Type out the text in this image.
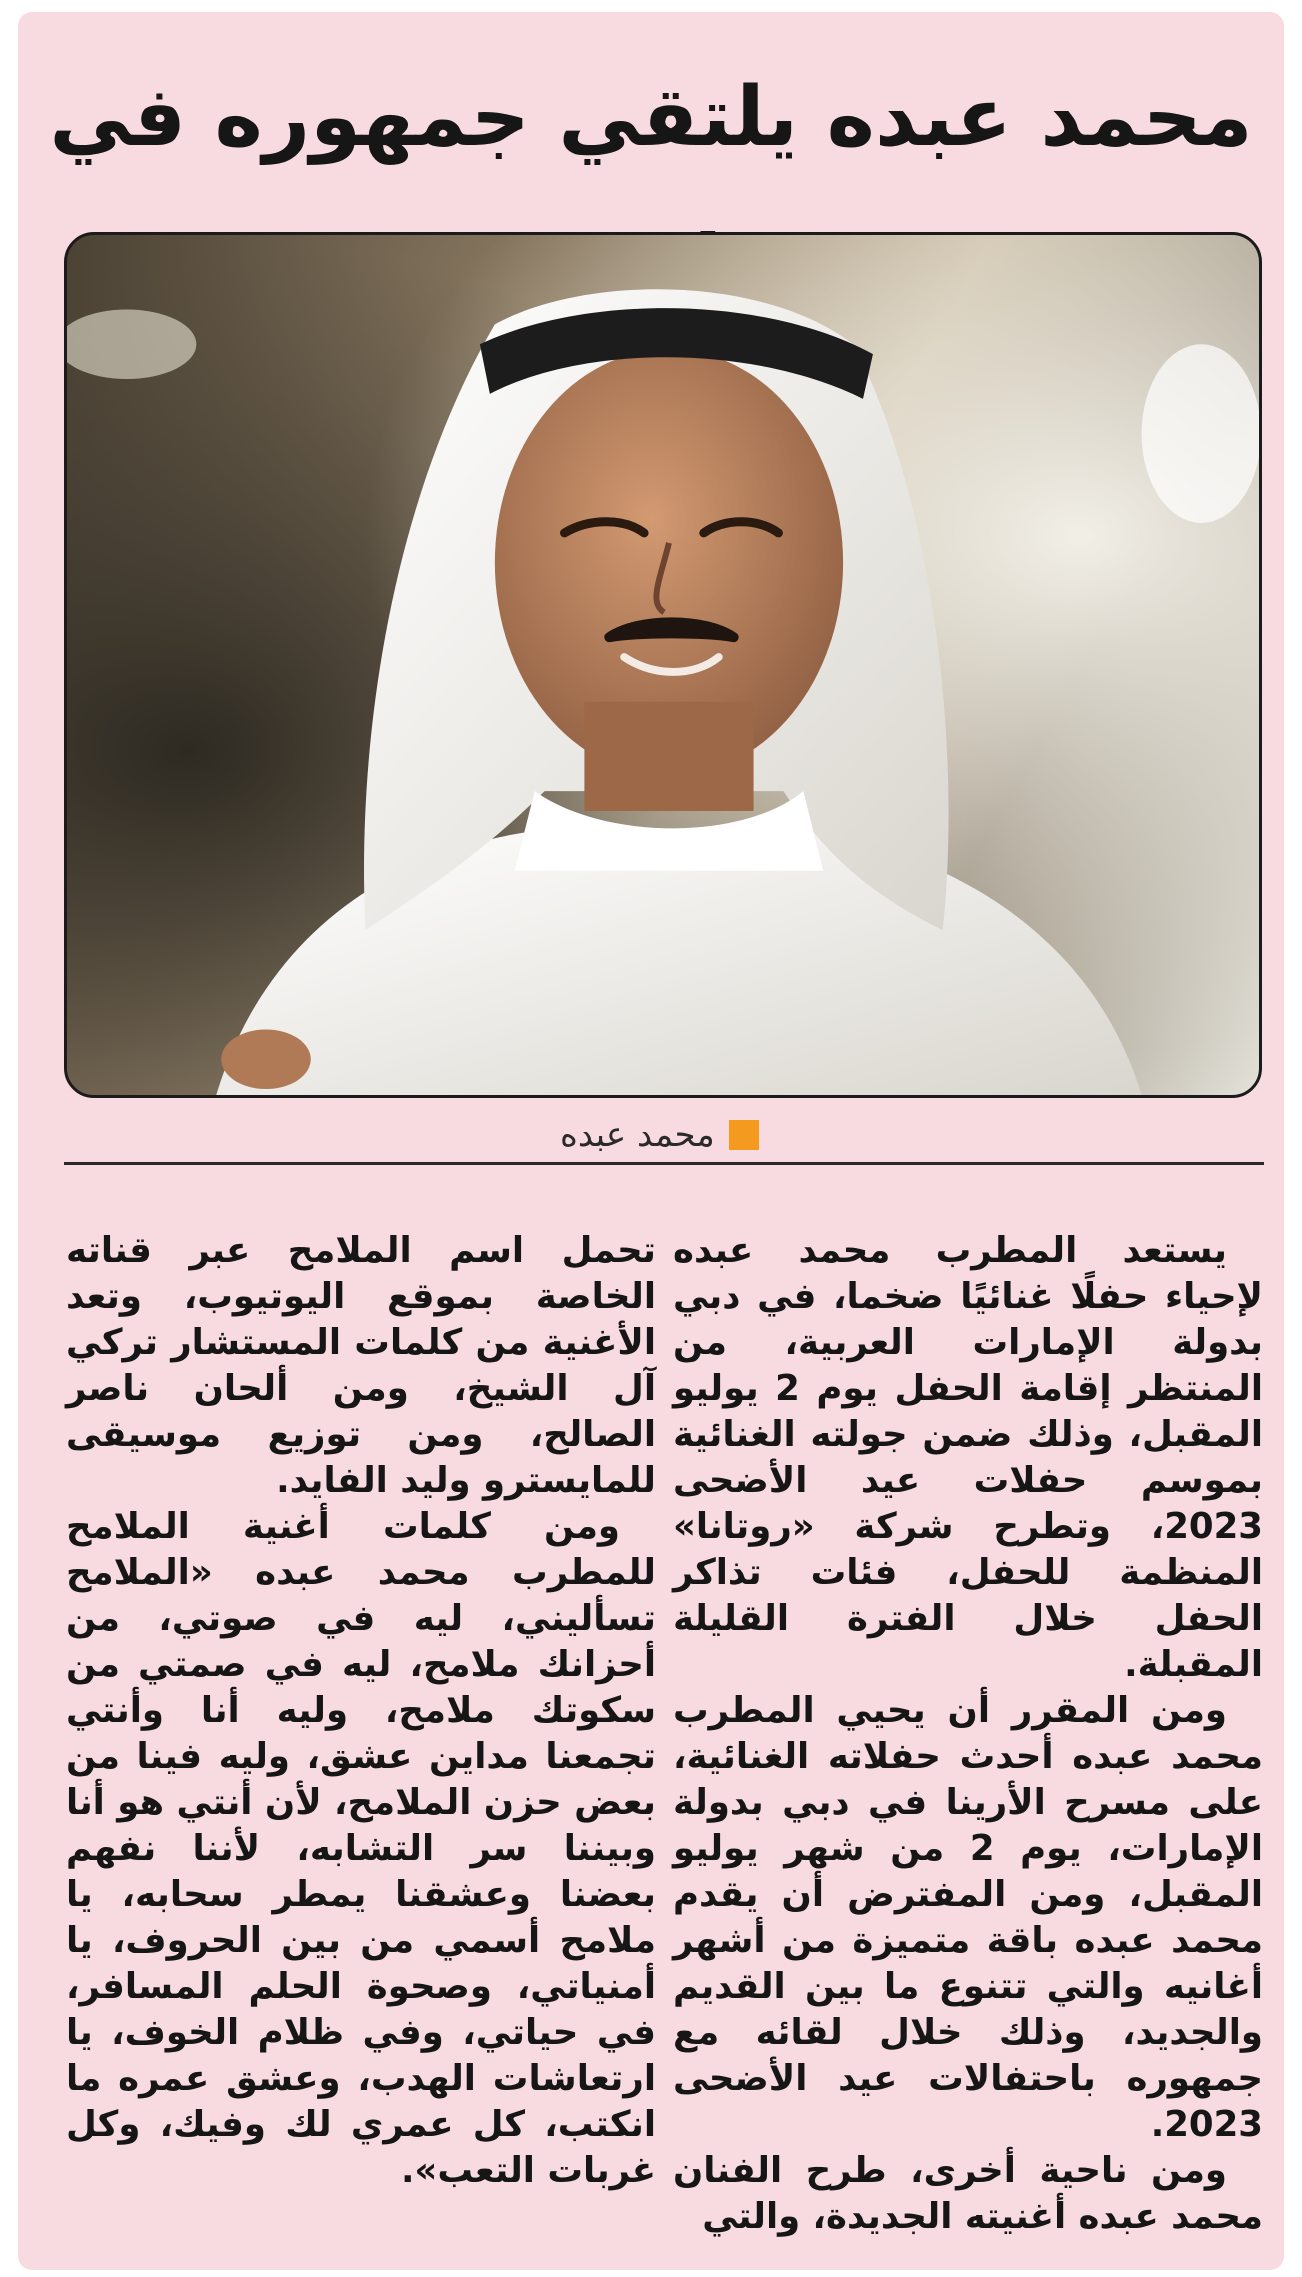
محمد عبده يلتقي جمهوره في
محمد عبده

يستعد المطرب محمد عبده لإحياء حفلًا غنائيًا ضخما، في دبي بدولة الإمارات العربية، من المنتظر إقامة الحفل يوم 2 يوليو المقبل، وذلك ضمن جولته الغنائية بموسم حفلات عيد الأضحى 2023، وتطرح شركة «روتانا» المنظمة للحفل، فئات تذاكر الحفل خلال الفترة القليلة المقبلة.

ومن المقرر أن يحيي المطرب محمد عبده أحدث حفلاته الغنائية، على مسرح الأرينا في دبي بدولة الإمارات، يوم 2 من شهر يوليو المقبل، ومن المفترض أن يقدم محمد عبده باقة متميزة من أشهر أغانيه والتي تتنوع ما بين القديم والجديد، وذلك خلال لقائه مع جمهوره باحتفالات عيد الأضحى 2023.

ومن ناحية أخرى، طرح الفنان محمد عبده أغنيته الجديدة، والتي

تحمل اسم الملامح عبر قناته الخاصة بموقع اليوتيوب، وتعد الأغنية من كلمات المستشار تركي آل الشيخ، ومن ألحان ناصر الصالح، ومن توزيع موسيقى للمايسترو وليد الفايد.

ومن كلمات أغنية الملامح للمطرب محمد عبده «الملامح تسأليني، ليه في صوتي، من أحزانك ملامح، ليه في صمتي من سكوتك ملامح، وليه أنا وأنتي تجمعنا مداين عشق، وليه فينا من بعض حزن الملامح، لأن أنتي هو أنا وبيننا سر التشابه، لأننا نفهم بعضنا وعشقنا يمطر سحابه، يا ملامح أسمي من بين الحروف، يا أمنياتي، وصحوة الحلم المسافر، في حياتي، وفي ظلام الخوف، يا ارتعاشات الهدب، وعشق عمره ما انكتب، كل عمري لك وفيك، وكل غربات التعب».
